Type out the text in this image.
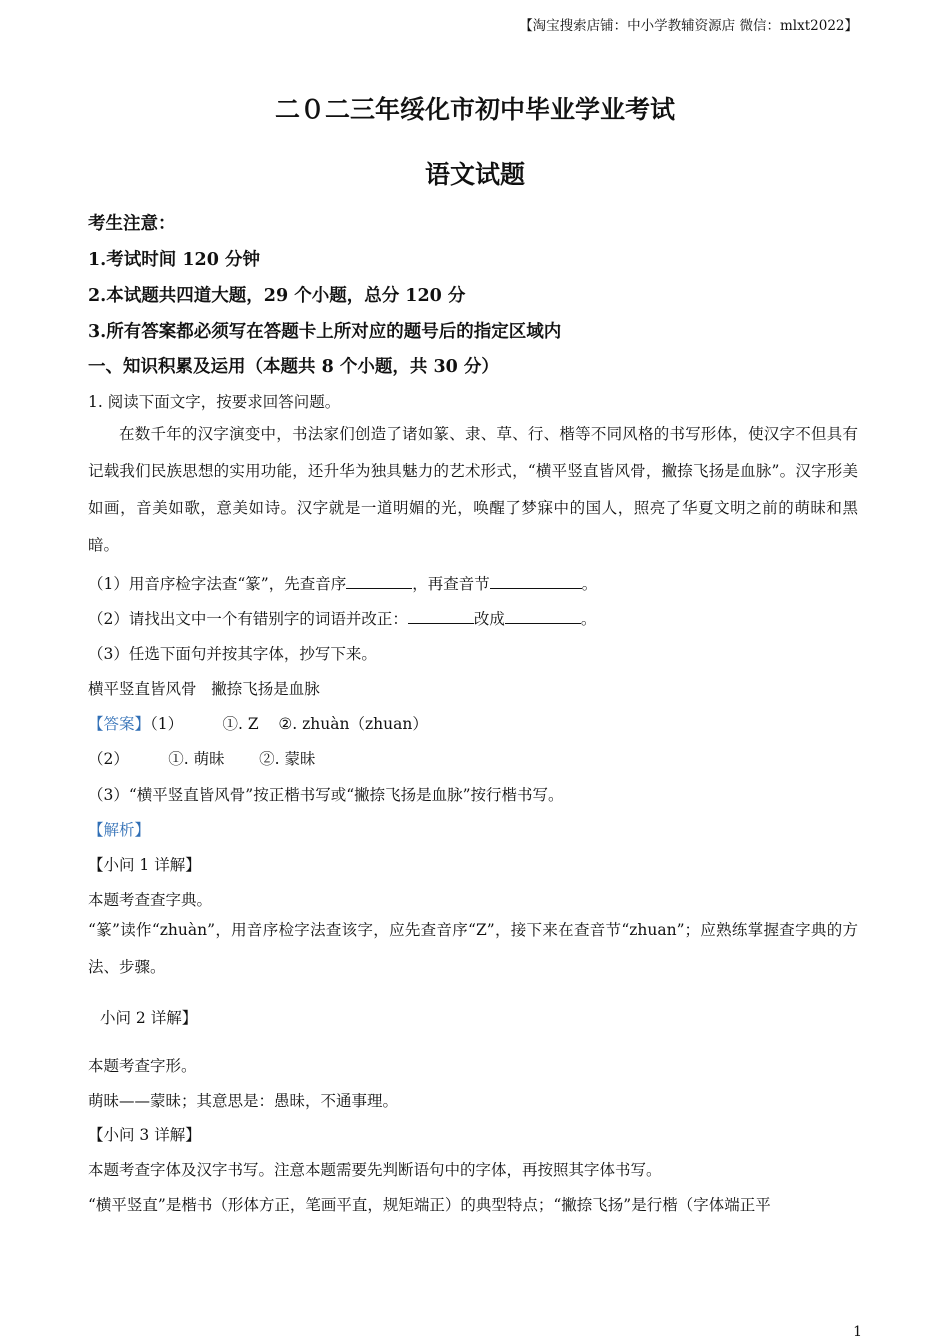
【淘宝搜索店铺：中小学教辅资源店 微信：mlxt2022】
二０二三年绥化市初中毕业学业考试
语文试题
考生注意：
1.考试时间 120 分钟
2.本试题共四道大题，29 个小题，总分 120 分
3.所有答案都必须写在答题卡上所对应的题号后的指定区域内
一、知识积累及运用（本题共 8 个小题，共 30 分）
1. 阅读下面文字，按要求回答问题。
在数千年的汉字演变中，书法家们创造了诸如篆、隶、草、行、楷等不同风格的书写形体，使汉字不但具有记载我们民族思想的实用功能，还升华为独具魅力的艺术形式，“横平竖直皆风骨，撇捺飞扬是血脉”。汉字形美如画，音美如歌，意美如诗。汉字就是一道明媚的光，唤醒了梦寐中的国人，照亮了华夏文明之前的萌昧和黑暗。
（1）用音序检字法查“篆”，先查音序	，再查音节	。
（2）请找出文中一个有错别字的词语并改正：	改成	。
（3）任选下面句并按其字体，抄写下来。
横平竖直皆风骨   撇捺飞扬是血脉
【答案】（1）        ①. Z    ②. zhuàn（zhuan）
（2）        ①. 萌昧       ②. 蒙昧
（3）“横平竖直皆风骨”按正楷书写或“撇捺飞扬是血脉”按行楷书写。
【解析】
【小问 1 详解】
本题考查查字典。
“篆”读作“zhuàn”，用音序检字法查该字，应先查音序“Z”，接下来在查音节“zhuan”；应熟练掌握查字典的方法、步骤。
小问 2 详解】
本题考查字形。
萌昧——蒙昧；其意思是：愚昧，不通事理。
【小问 3 详解】
本题考查字体及汉字书写。注意本题需要先判断语句中的字体，再按照其字体书写。
“横平竖直”是楷书（形体方正，笔画平直，规矩端正）的典型特点；“撇捺飞扬”是行楷（字体端正平
1
